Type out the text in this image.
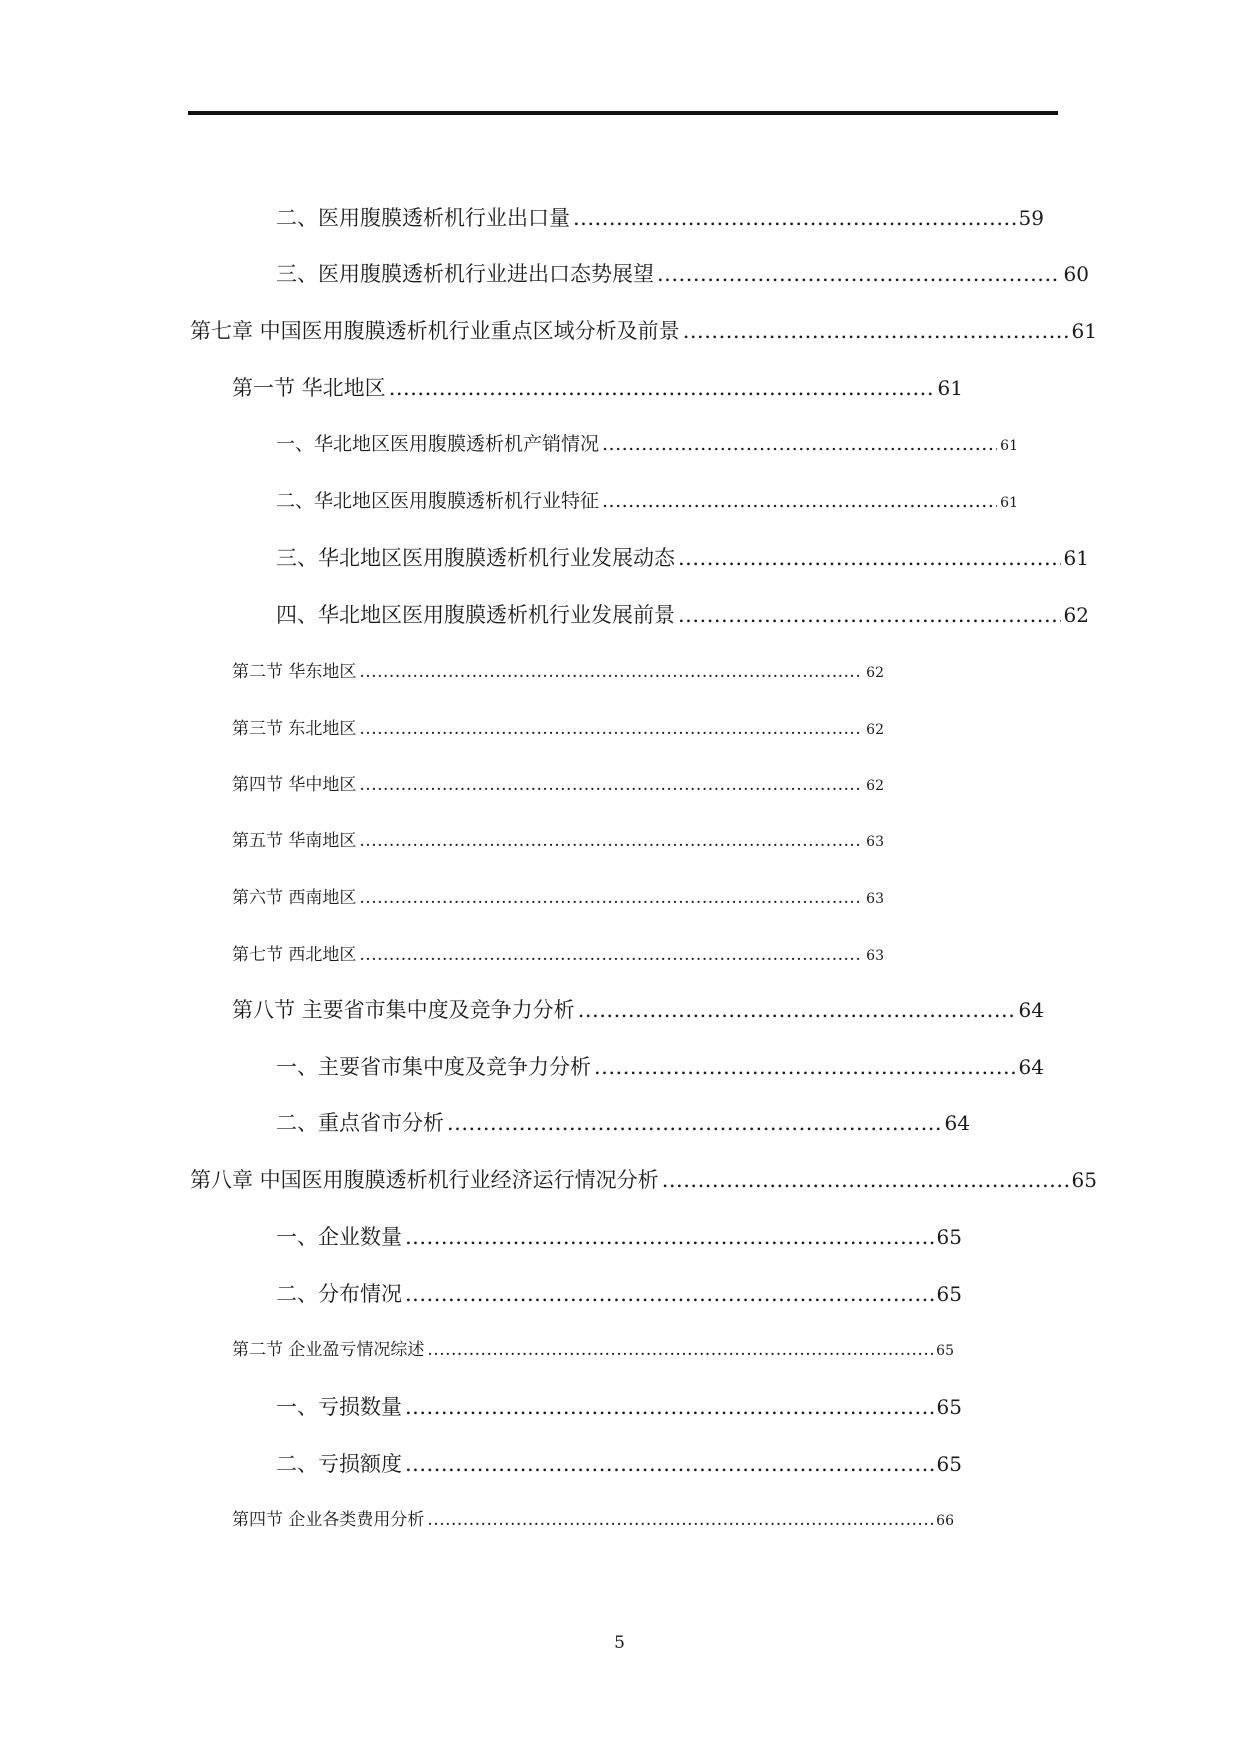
二、医用腹膜透析机行业出口量 .....	59
三、医用腹膜透析机行业进出口态势展望 .....	60
第七章 中国医用腹膜透析机行业重点区域分析及前景 .....	61
第一节 华北地区 .....	61
一、华北地区医用腹膜透析机产销情况 .....	61
二、华北地区医用腹膜透析机行业特征 .....	61
三、华北地区医用腹膜透析机行业发展动态 .....	61
四、华北地区医用腹膜透析机行业发展前景 .....	62
第二节 华东地区 .....	62
第三节 东北地区 .....	62
第四节 华中地区 .....	62
第五节 华南地区 .....	63
第六节 西南地区 .....	63
第七节 西北地区 .....	63
第八节 主要省市集中度及竞争力分析 .....	64
一、主要省市集中度及竞争力分析 .....	64
二、重点省市分析 .....	64
第八章 中国医用腹膜透析机行业经济运行情况分析 .....	65
一、企业数量 .....	65
二、分布情况 .....	65
第二节 企业盈亏情况综述 .....	65
一、亏损数量 .....	65
二、亏损额度 .....	65
第四节 企业各类费用分析 .....	66
5
